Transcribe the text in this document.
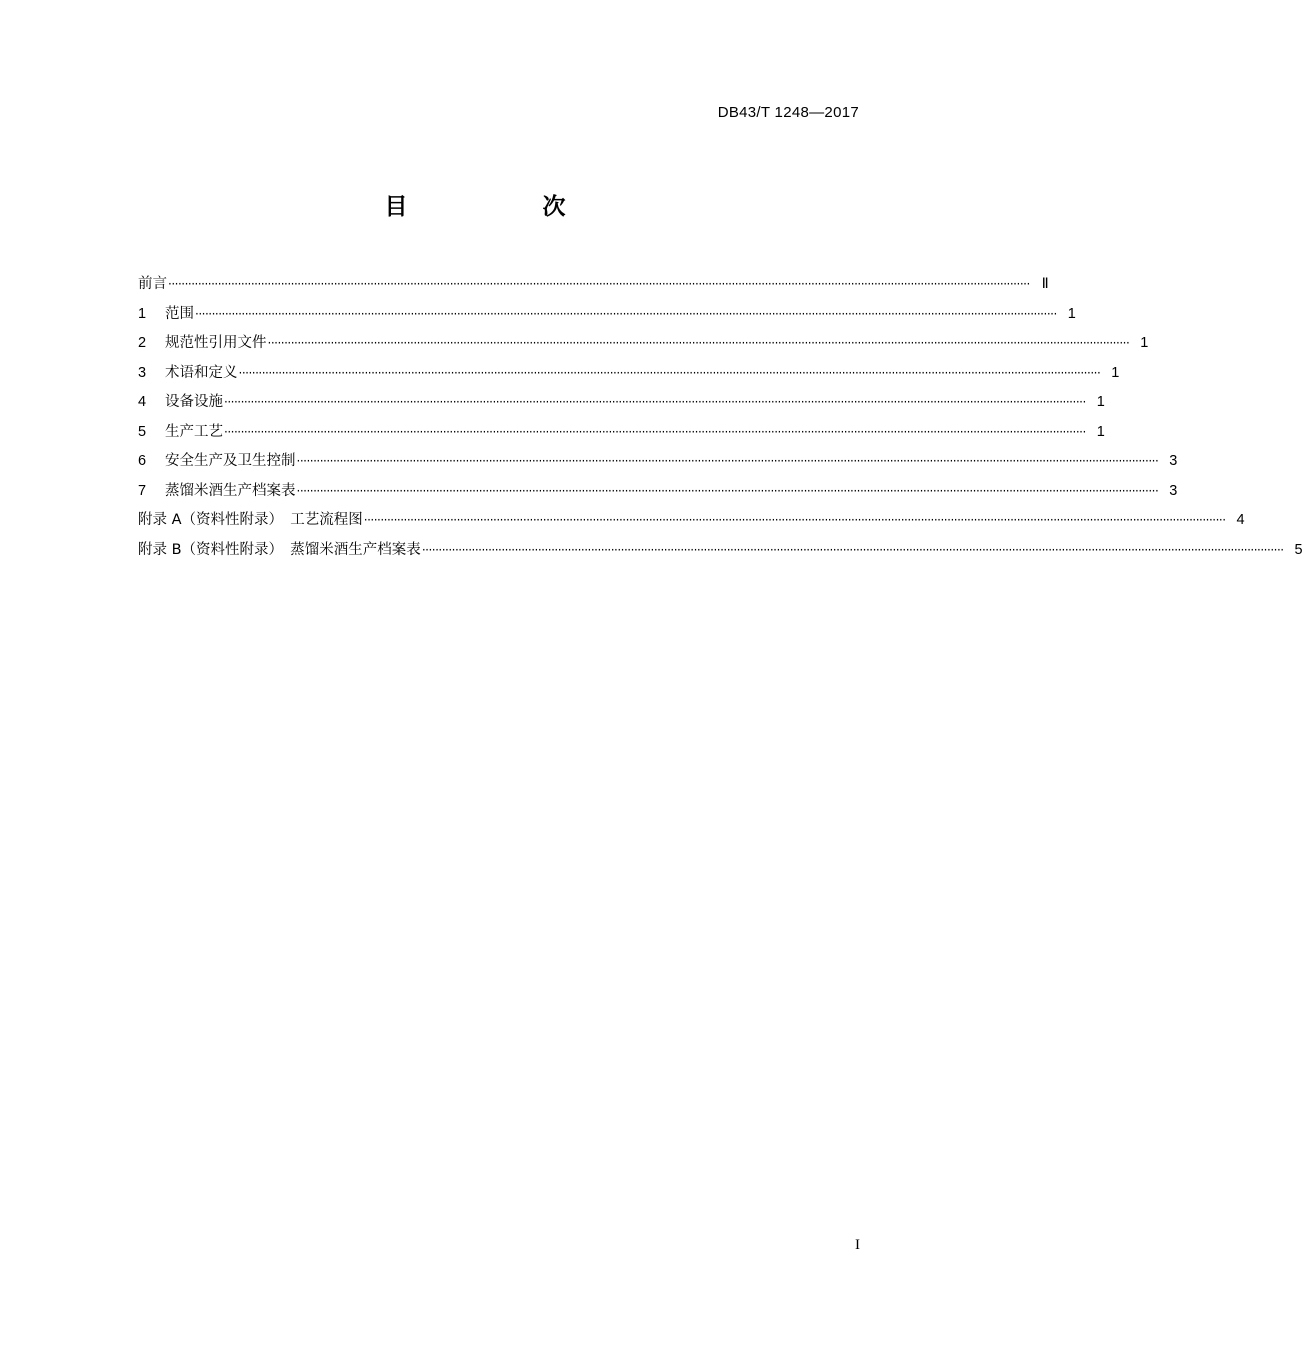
DB43/T 1248—2017
目　次
前言 ···································································································································································································································································· Ⅱ
1	范围 ···································································································································································································································································· 1
2	规范性引用文件 ···································································································································································································································································· 1
3	术语和定义 ···································································································································································································································································· 1
4	设备设施 ···································································································································································································································································· 1
5	生产工艺 ···································································································································································································································································· 1
6	安全生产及卫生控制 ···································································································································································································································································· 3
7	蒸馏米酒生产档案表 ···································································································································································································································································· 3
附录 A（资料性附录）　工艺流程图 ···································································································································································································································································· 4
附录 B（资料性附录）　蒸馏米酒生产档案表 ···································································································································································································································································· 5
I
